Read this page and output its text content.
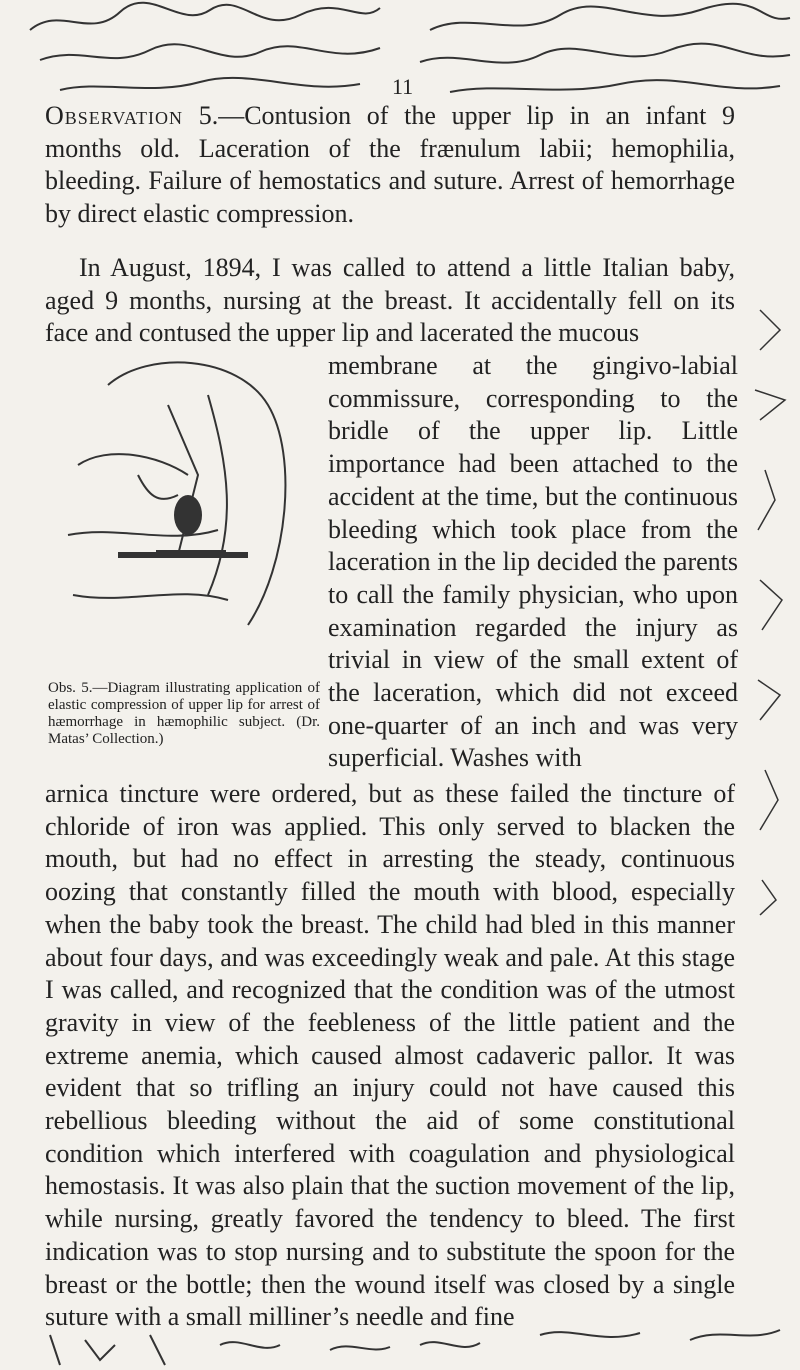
11
Observation 5.—Contusion of the upper lip in an infant 9 months old. Laceration of the frænulum labii; hemophilia, bleeding. Failure of hemostatics and suture. Arrest of hemorrhage by direct elastic compression.

In August, 1894, I was called to attend a little Italian baby, aged 9 months, nursing at the breast. It accidentally fell on its face and contused the upper lip and lacerated the mucous

Obs. 5.—Diagram illustrating application of elastic compression of upper lip for arrest of hæmorrhage in hæmophilic subject. (Dr. Matas’ Collection.)
membrane at the gingivo-labial commissure, corresponding to the bridle of the upper lip. Little importance had been attached to the accident at the time, but the continuous bleeding which took place from the laceration in the lip decided the parents to call the family physician, who upon examination regarded the injury as trivial in view of the small extent of the laceration, which did not exceed one-quarter of an inch and was very superficial. Washes with

arnica tincture were ordered, but as these failed the tincture of chloride of iron was applied. This only served to blacken the mouth, but had no effect in arresting the steady, continuous oozing that constantly filled the mouth with blood, especially when the baby took the breast. The child had bled in this manner about four days, and was exceedingly weak and pale. At this stage I was called, and recognized that the condition was of the utmost gravity in view of the feebleness of the little patient and the extreme anemia, which caused almost cadaveric pallor. It was evident that so trifling an injury could not have caused this rebellious bleeding without the aid of some constitutional condition which interfered with coagulation and physiological hemostasis. It was also plain that the suction movement of the lip, while nursing, greatly favored the tendency to bleed. The first indication was to stop nursing and to substitute the spoon for the breast or the bottle; then the wound itself was closed by a single suture with a small milliner’s needle and fine
